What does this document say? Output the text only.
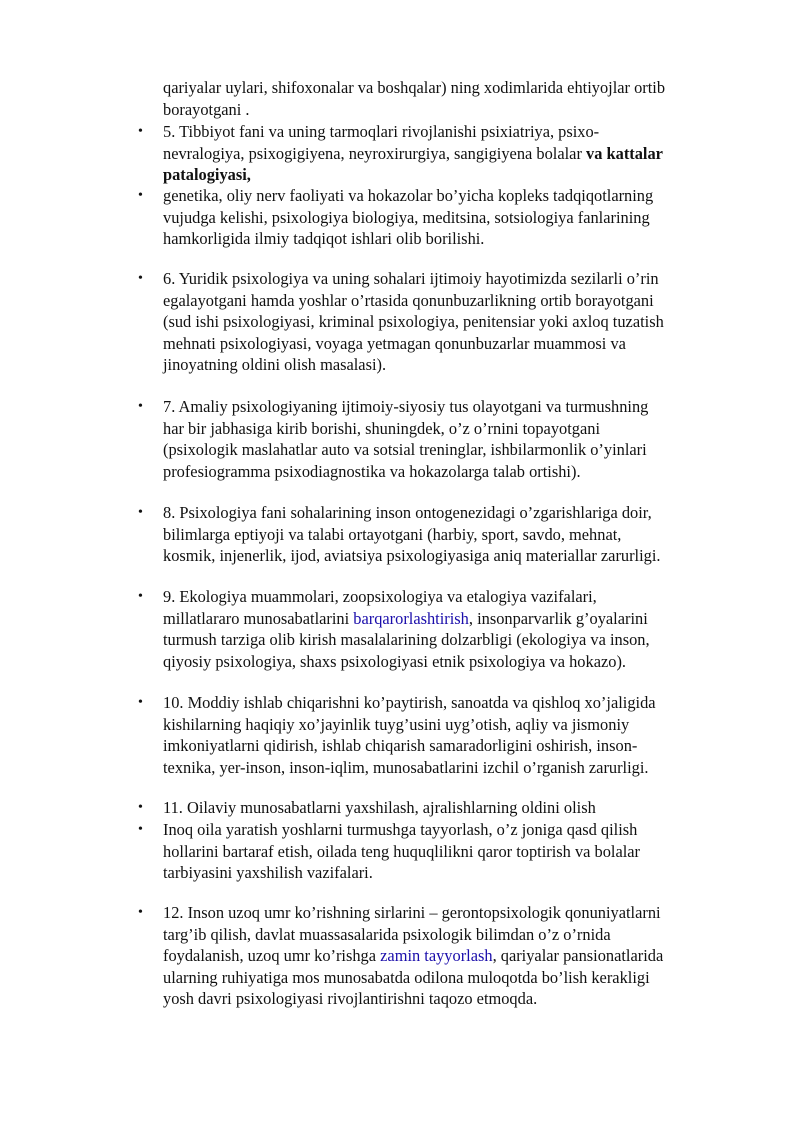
qariyalar uylari, shifoxonalar va boshqalar) ning xodimlarida ehtiyojlar ortib
borayotgani .

• 5. Tibbiyot fani va uning tarmoqlari rivojlanishi psixiatriya, psixo-
nevralogiya, psixogigiyena, neyroxirurgiya, sangigiyena bolalar va kattalar
patalogiyasi,

• genetika, oliy nerv faoliyati va hokazolar bo’yicha kopleks tadqiqotlarning
vujudga kelishi, psixologiya biologiya, meditsina, sotsiologiya fanlarining
hamkorligida ilmiy tadqiqot ishlari olib borilishi.

• 6. Yuridik psixologiya va uning sohalari ijtimoiy hayotimizda sezilarli o’rin
egalayotgani hamda yoshlar o’rtasida qonunbuzarlikning ortib borayotgani
(sud ishi psixologiyasi, kriminal psixologiya, penitensiar yoki axloq tuzatish
mehnati psixologiyasi, voyaga yetmagan qonunbuzarlar muammosi va
jinoyatning oldini olish masalasi).

• 7. Amaliy psixologiyaning ijtimoiy-siyosiy tus olayotgani va turmushning
har bir jabhasiga kirib borishi, shuningdek, o’z o’rnini topayotgani
(psixologik maslahatlar auto va sotsial treninglar, ishbilarmonlik o’yinlari
profesiogramma psixodiagnostika va hokazolarga talab ortishi).

• 8. Psixologiya fani sohalarining inson ontogenezidagi o’zgarishlariga doir,
bilimlarga eptiyoji va talabi ortayotgani (harbiy, sport, savdo, mehnat,
kosmik, injenerlik, ijod, aviatsiya psixologiyasiga aniq materiallar zarurligi.

• 9. Ekologiya muammolari, zoopsixologiya va etalogiya vazifalari,
millatlararo munosabatlarini barqarorlashtirish, insonparvarlik g’oyalarini
turmush tarziga olib kirish masalalarining dolzarbligi (ekologiya va inson,
qiyosiy psixologiya, shaxs psixologiyasi etnik psixologiya va hokazo).

• 10. Moddiy ishlab chiqarishni ko’paytirish, sanoatda va qishloq xo’jaligida
kishilarning haqiqiy xo’jayinlik tuyg’usini uyg’otish, aqliy va jismoniy
imkoniyatlarni qidirish, ishlab chiqarish samaradorligini oshirish, inson-
texnika, yer-inson, inson-iqlim, munosabatlarini izchil o’rganish zarurligi.

• 11. Oilaviy munosabatlarni yaxshilash, ajralishlarning oldini olish

• Inoq oila yaratish yoshlarni turmushga tayyorlash, o’z joniga qasd qilish
hollarini bartaraf etish, oilada teng huquqlilikni qaror toptirish va bolalar
tarbiyasini yaxshilish vazifalari.

• 12. Inson uzoq umr ko’rishning sirlarini – gerontopsixologik qonuniyatlarni
targ’ib qilish, davlat muassasalarida psixologik bilimdan o’z o’rnida
foydalanish, uzoq umr ko’rishga zamin tayyorlash, qariyalar pansionatlarida
ularning ruhiyatiga mos munosabatda odilona muloqotda bo’lish kerakligi
yosh davri psixologiyasi rivojlantirishni taqozo etmoqda.
